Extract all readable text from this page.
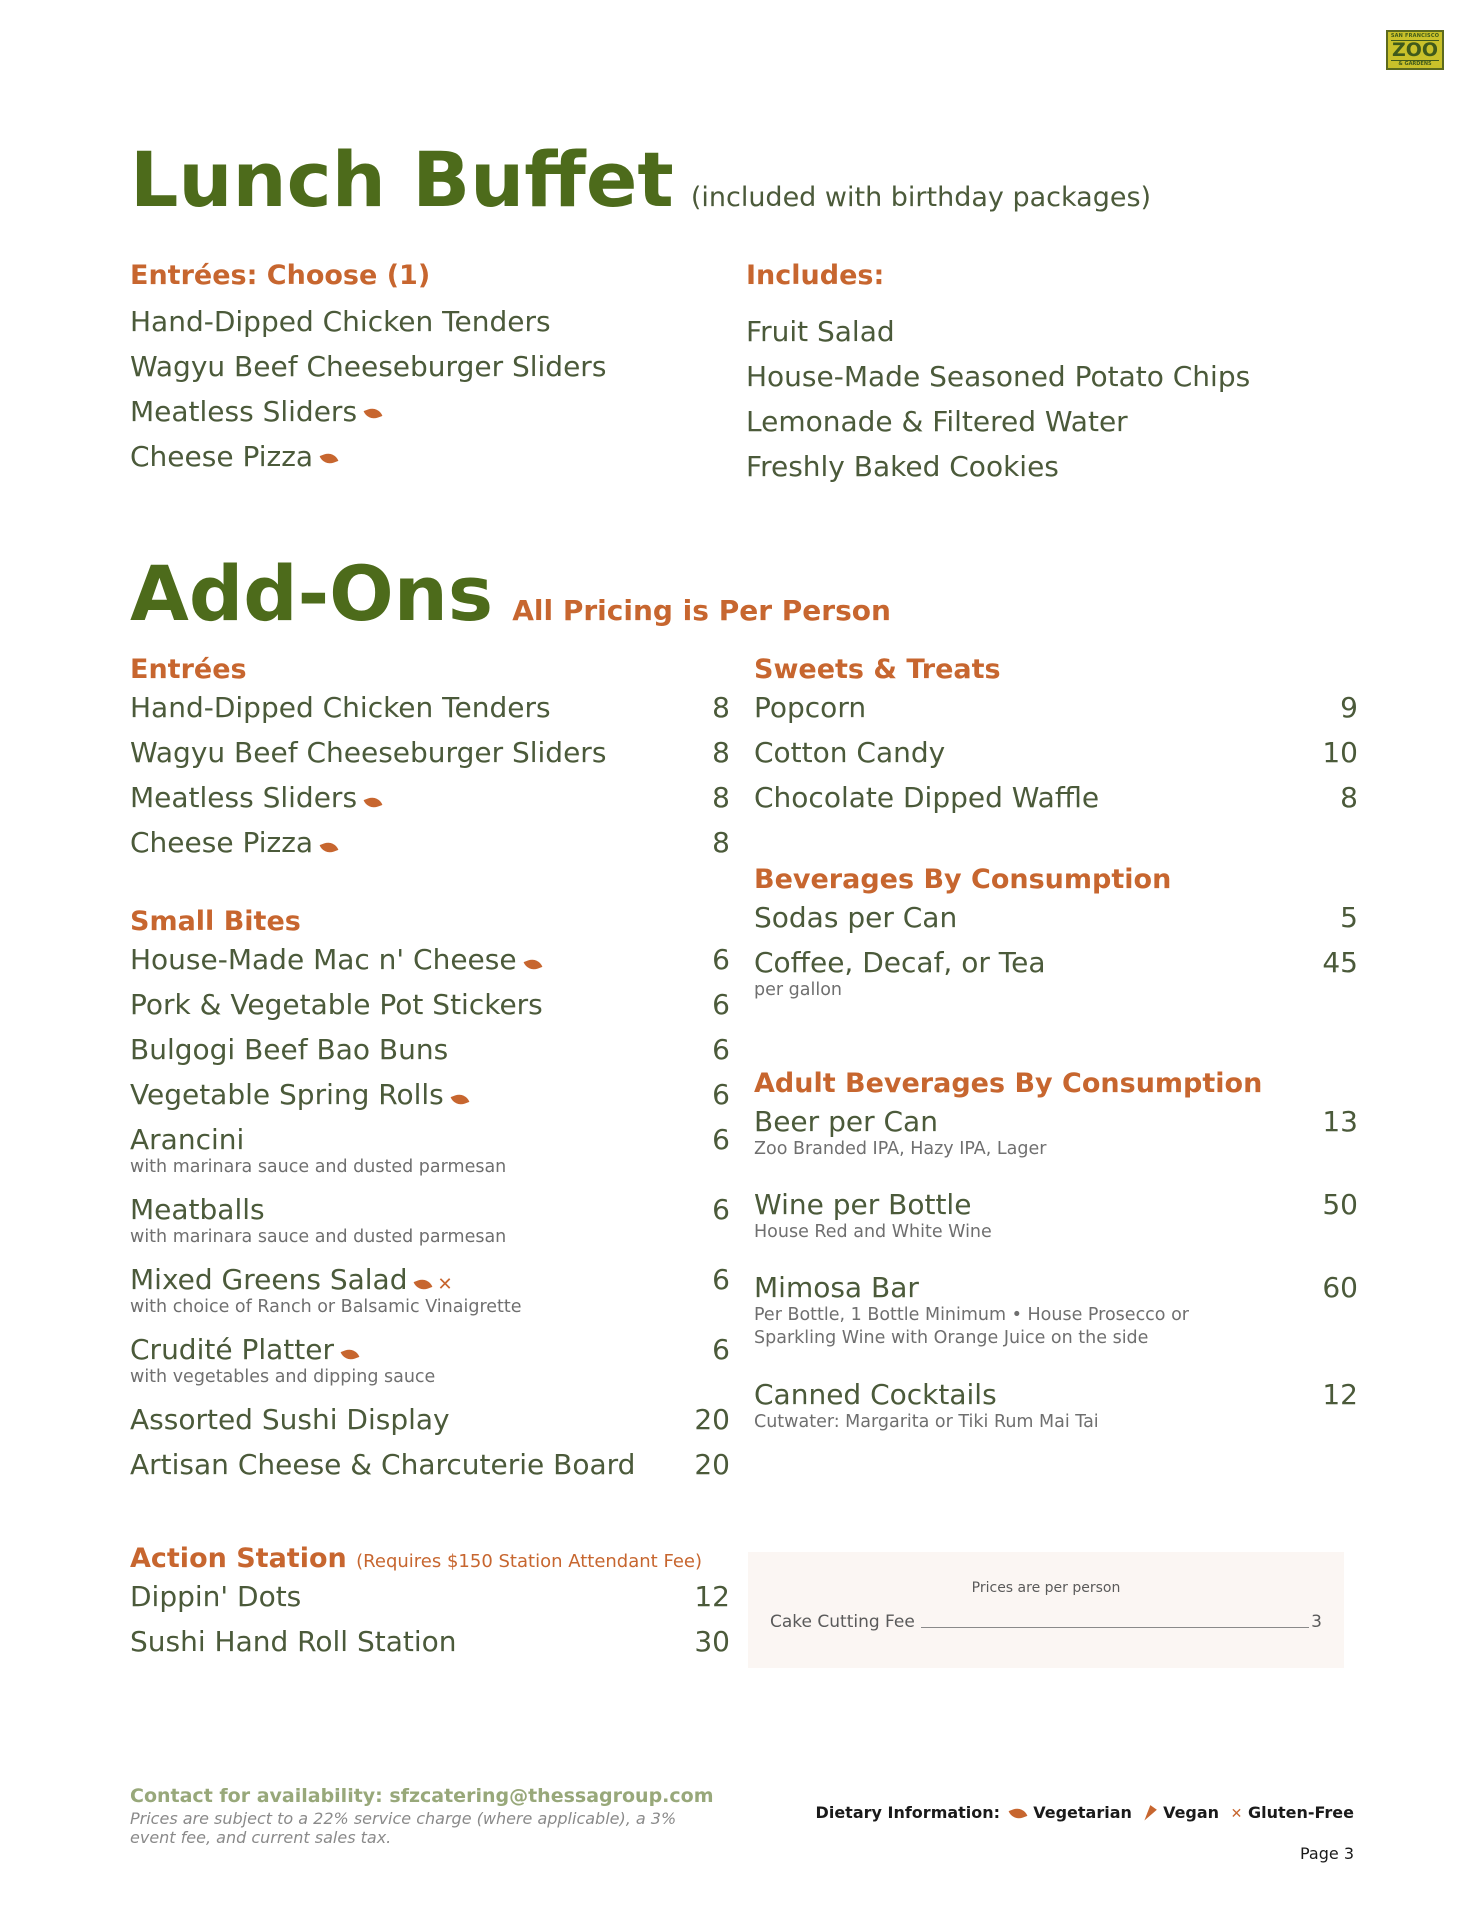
SAN FRANCISCO
ZOO
& GARDENS
Lunch Buffet (included with birthday packages)
Entrées: Choose (1)
Hand-Dipped Chicken Tenders
Wagyu Beef Cheeseburger Sliders
Meatless Sliders
Cheese Pizza
Includes:
Fruit Salad
House-Made Seasoned Potato Chips
Lemonade & Filtered Water
Freshly Baked Cookies
Add-Ons All Pricing is Per Person
Entrées
Hand-Dipped Chicken Tenders	8
Wagyu Beef Cheeseburger Sliders	8
Meatless Sliders	8
Cheese Pizza	8
Small Bites
House-Made Mac n' Cheese	6
Pork & Vegetable Pot Stickers	6
Bulgogi Beef Bao Buns	6
Vegetable Spring Rolls	6
Arancini	6
with marinara sauce and dusted parmesan
Meatballs	6
with marinara sauce and dusted parmesan
Mixed Greens Salad ✕	6
with choice of Ranch or Balsamic Vinaigrette
Crudité Platter	6
with vegetables and dipping sauce
Assorted Sushi Display	20
Artisan Cheese & Charcuterie Board 20
Action Station (Requires $150 Station Attendant Fee)
Dippin' Dots	12
Sushi Hand Roll Station	30
Sweets & Treats
Popcorn	9
Cotton Candy	10
Chocolate Dipped Waffle	8
Beverages By Consumption
Sodas per Can	5
Coffee, Decaf, or Tea	45
per gallon
Adult Beverages By Consumption
Beer per Can	13
Zoo Branded IPA, Hazy IPA, Lager
Wine per Bottle	50
House Red and White Wine
Mimosa Bar	60
Per Bottle, 1 Bottle Minimum • House Prosecco or
Sparkling Wine with Orange Juice on the side
Canned Cocktails	12
Cutwater: Margarita or Tiki Rum Mai Tai
Prices are per person
Cake Cutting Fee	3
Contact for availability: sfzcatering@thessagroup.com
Prices are subject to a 22% service charge (where applicable), a 3% event fee, and current sales tax.
Dietary Information: Vegetarian Vegan ✕ Gluten-Free
Page 3
